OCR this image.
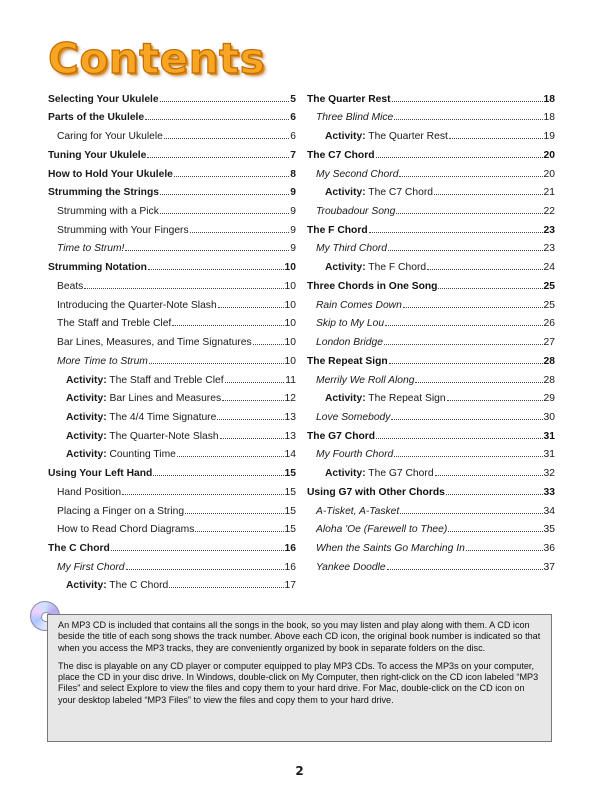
Contents
Selecting Your Ukulele	5
Parts of the Ukulele	6
Caring for Your Ukulele	6
Tuning Your Ukulele	7
How to Hold Your Ukulele	8
Strumming the Strings	9
Strumming with a Pick	9
Strumming with Your Fingers	9
Time to Strum!	9
Strumming Notation	10
Beats	10
Introducing the Quarter-Note Slash	10
The Staff and Treble Clef	10
Bar Lines, Measures, and Time Signatures	10
More Time to Strum	10
Activity: The Staff and Treble Clef	11
Activity: Bar Lines and Measures	12
Activity: The 4/4 Time Signature	13
Activity: The Quarter-Note Slash	13
Activity: Counting Time	14
Using Your Left Hand	15
Hand Position	15
Placing a Finger on a String	15
How to Read Chord Diagrams	15
The C Chord	16
My First Chord	16
Activity: The C Chord	17
The Quarter Rest	18
Three Blind Mice	18
Activity: The Quarter Rest	19
The C7 Chord	20
My Second Chord	20
Activity: The C7 Chord	21
Troubadour Song	22
The F Chord	23
My Third Chord	23
Activity: The F Chord	24
Three Chords in One Song	25
Rain Comes Down	25
Skip to My Lou	26
London Bridge	27
The Repeat Sign	28
Merrily We Roll Along	28
Activity: The Repeat Sign	29
Love Somebody	30
The G7 Chord	31
My Fourth Chord	31
Activity: The G7 Chord	32
Using G7 with Other Chords	33
A-Tisket, A-Tasket	34
Aloha 'Oe (Farewell to Thee)	35
When the Saints Go Marching In	36
Yankee Doodle	37

An MP3 CD is included that contains all the songs in the book, so you may listen and play along with them. A CD icon beside the title of each song shows the track number. Above each CD icon, the original book number is indicated so that when you access the MP3 tracks, they are conveniently organized by book in separate folders on the disc.

The disc is playable on any CD player or computer equipped to play MP3 CDs. To access the MP3s on your computer, place the CD in your disc drive. In Windows, double-click on My Computer, then right-click on the CD icon labeled “MP3 Files” and select Explore to view the files and copy them to your hard drive. For Mac, double-click on the CD icon on your desktop labeled “MP3 Files” to view the files and copy them to your hard drive.

2
